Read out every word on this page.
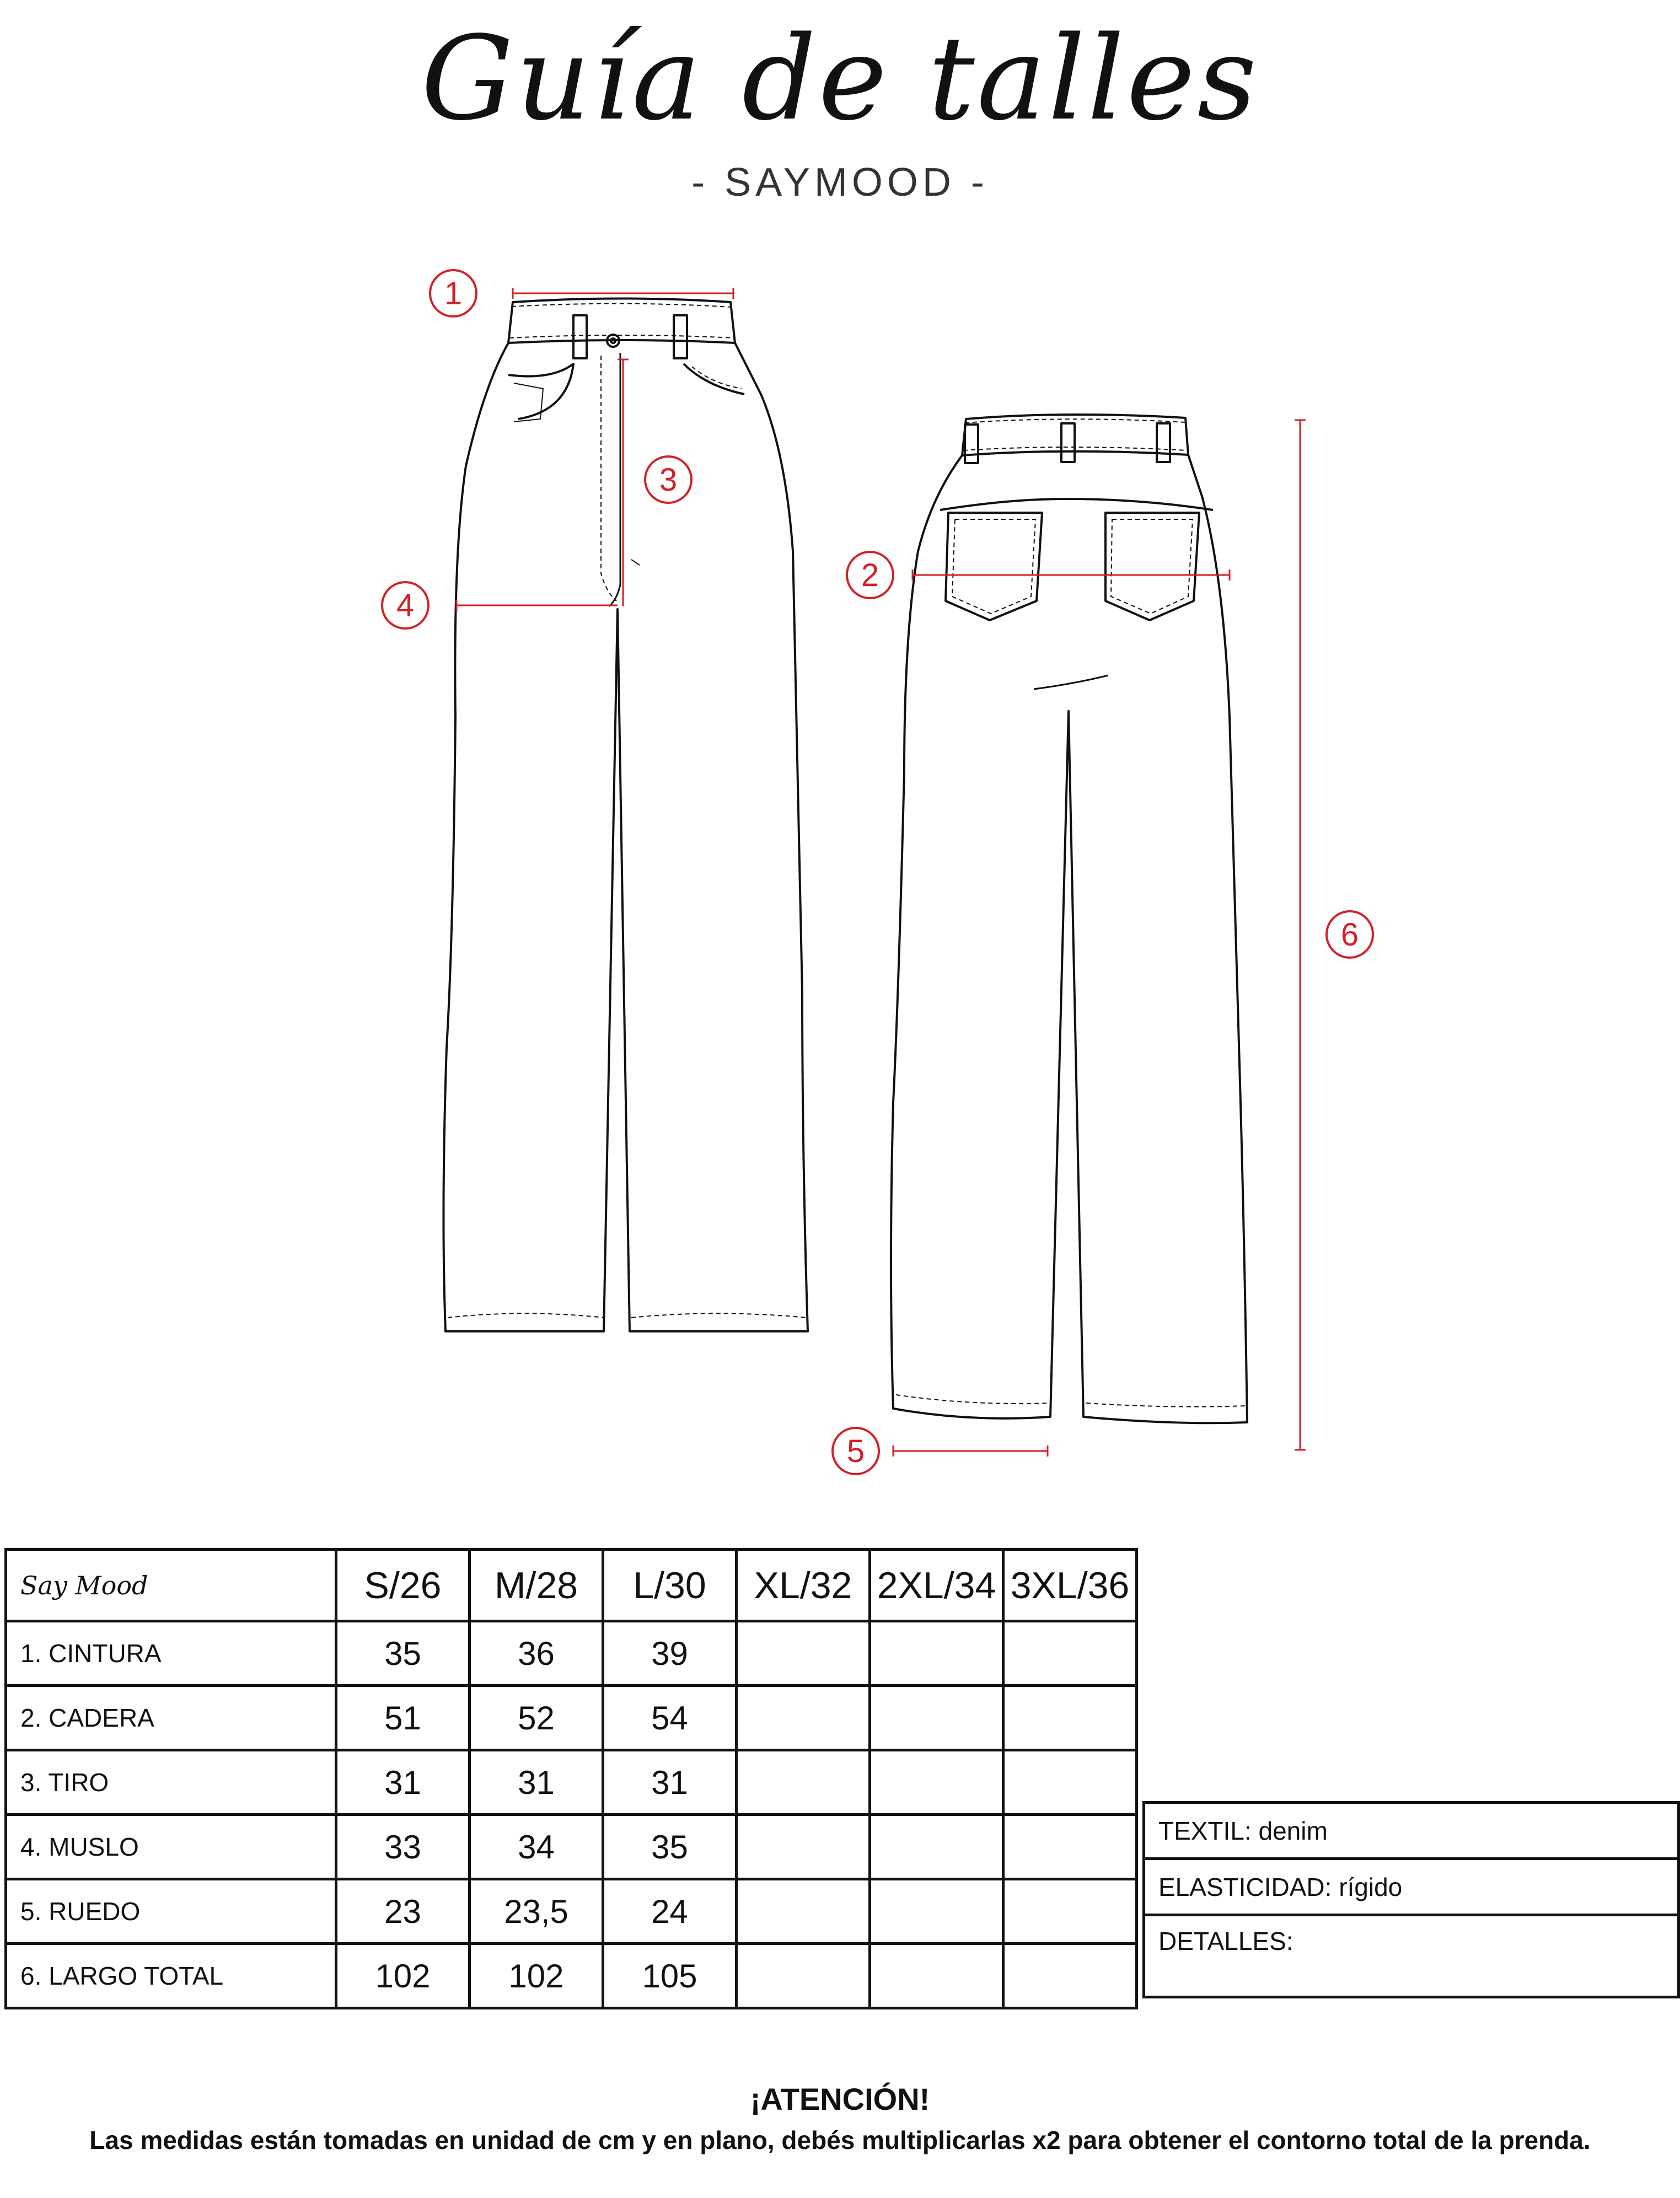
Guía de talles
- SAYMOOD -
1
2
3
4
5
6
Say Mood	S/26	M/28	L/30	XL/32	2XL/34	3XL/36
1. CINTURA	35	36	39			
2. CADERA	51	52	54			
3. TIRO	31	31	31			
4. MUSLO	33	34	35			
5. RUEDO	23	23,5	24			
6. LARGO TOTAL	102	102	105			
TEXTIL: denim
ELASTICIDAD: rígido
DETALLES:
¡ATENCIÓN!
Las medidas están tomadas en unidad de cm y en plano, debés multiplicarlas x2 para obtener el contorno total de la prenda.
